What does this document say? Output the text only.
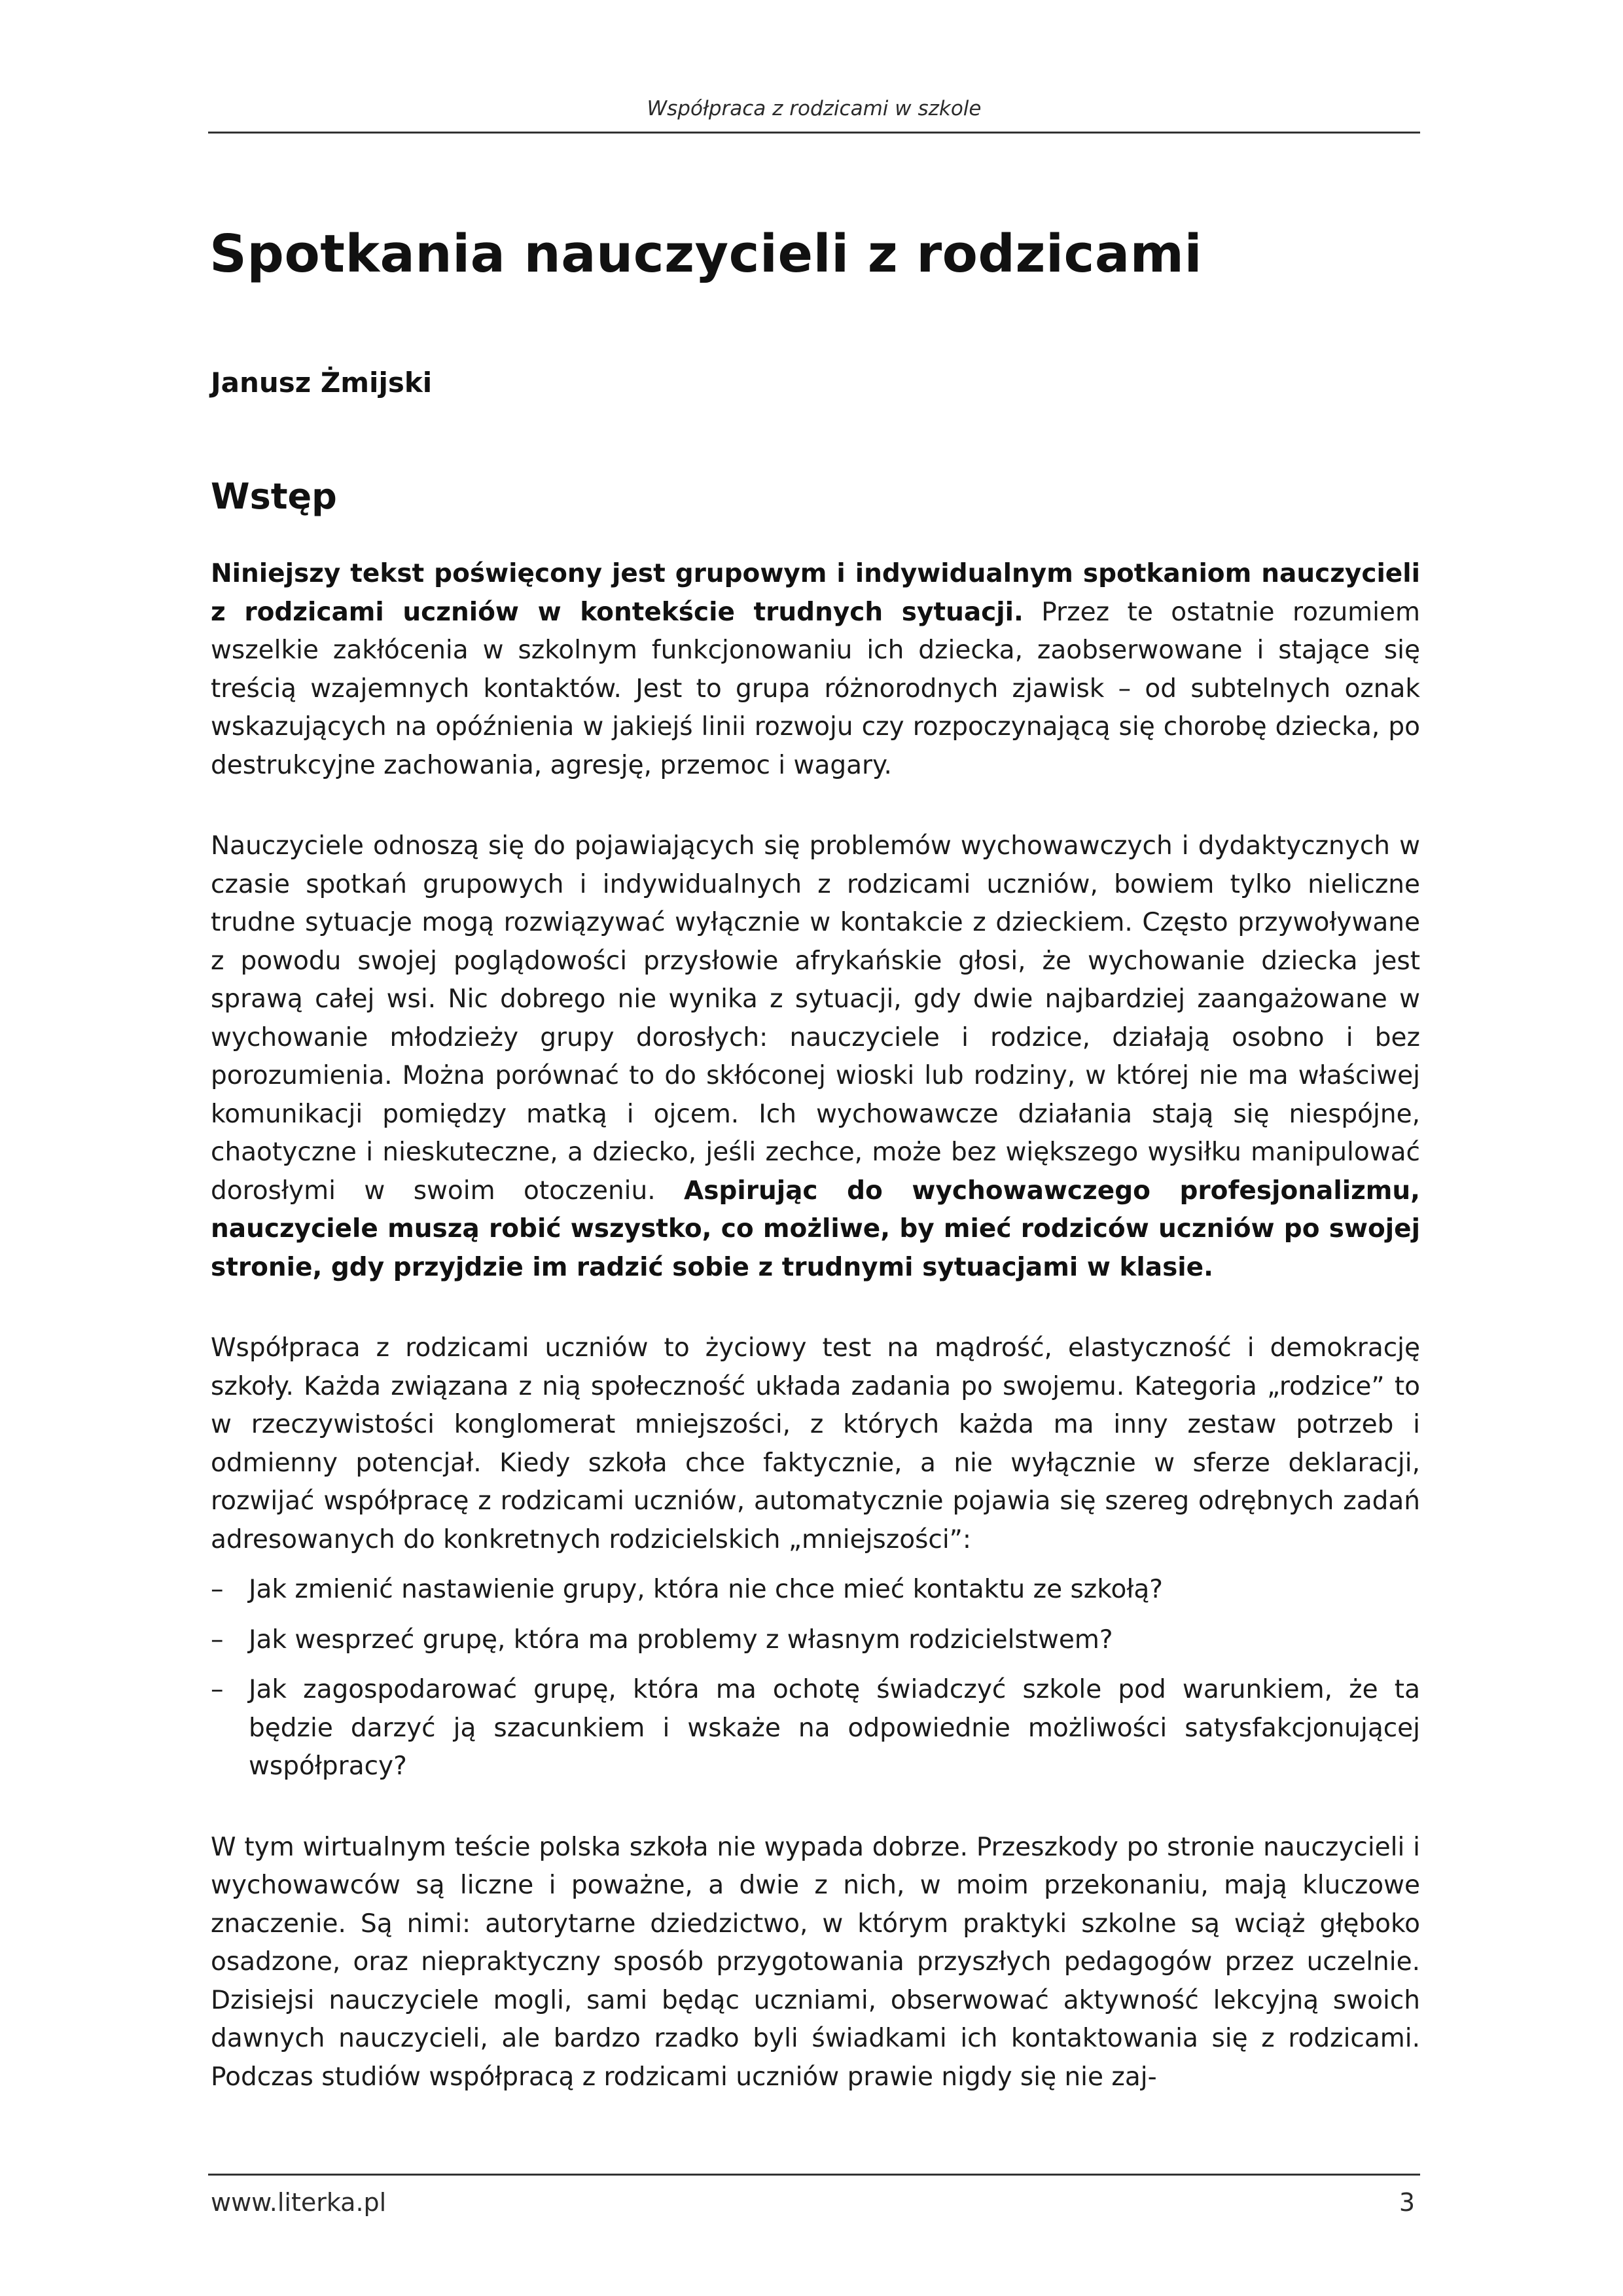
Współpraca z rodzicami w szkole
Spotkania nauczycieli z rodzicami
Janusz Żmijski
Wstęp

Niniejszy tekst poświęcony jest grupowym i indywidualnym spotkaniom nauczycieli z rodzicami uczniów w kontekście trudnych sytuacji. Przez te ostatnie rozumiem wszelkie zakłócenia w szkolnym funkcjonowaniu ich dziecka, zaobserwowane i stające się treścią wzajemnych kontaktów. Jest to grupa różnorodnych zjawisk – od subtelnych oznak wskazujących na opóźnienia w jakiejś linii rozwoju czy rozpoczynającą się chorobę dziecka, po destrukcyjne zachowania, agresję, przemoc i wagary.

Nauczyciele odnoszą się do pojawiających się problemów wychowawczych i dydaktycznych w czasie spotkań grupowych i indywidualnych z rodzicami uczniów, bowiem tylko nieliczne trudne sytuacje mogą rozwiązywać wyłącznie w kontakcie z dzieckiem. Często przywoływane z powodu swojej poglądowości przysłowie afrykańskie głosi, że wychowanie dziecka jest sprawą całej wsi. Nic dobrego nie wynika z sytuacji, gdy dwie najbardziej zaangażowane w wychowanie młodzieży grupy dorosłych: nauczyciele i rodzice, działają osobno i bez porozumienia. Można porównać to do skłóconej wioski lub rodziny, w której nie ma właściwej komunikacji pomiędzy matką i ojcem. Ich wychowawcze działania stają się niespójne, chaotyczne i nieskuteczne, a dziecko, jeśli zechce, może bez większego wysiłku manipulować dorosłymi w swoim otoczeniu. Aspirując do wychowawczego profesjonalizmu, nauczyciele muszą robić wszystko, co możliwe, by mieć rodziców uczniów po swojej stronie, gdy przyjdzie im radzić sobie z trudnymi sytuacjami w klasie.

Współpraca z rodzicami uczniów to życiowy test na mądrość, elastyczność i demokrację szkoły. Każda związana z nią społeczność układa zadania po swojemu. Kategoria „rodzice” to w rzeczywistości konglomerat mniejszości, z których każda ma inny zestaw potrzeb i odmienny potencjał. Kiedy szkoła chce faktycznie, a nie wyłącznie w sferze deklaracji, rozwijać współpracę z rodzicami uczniów, automatycznie pojawia się szereg odrębnych zadań adresowanych do konkretnych rodzicielskich „mniejszości”:

– Jak zmienić nastawienie grupy, która nie chce mieć kontaktu ze szkołą?
– Jak wesprzeć grupę, która ma problemy z własnym rodzicielstwem?
– Jak zagospodarować grupę, która ma ochotę świadczyć szkole pod warunkiem, że ta będzie darzyć ją szacunkiem i wskaże na odpowiednie możliwości satysfakcjonującej współpracy?

W tym wirtualnym teście polska szkoła nie wypada dobrze. Przeszkody po stronie nauczycieli i wychowawców są liczne i poważne, a dwie z nich, w moim przekonaniu, mają kluczowe znaczenie. Są nimi: autorytarne dziedzictwo, w którym praktyki szkolne są wciąż głęboko osadzone, oraz niepraktyczny sposób przygotowania przyszłych pedagogów przez uczelnie. Dzisiejsi nauczyciele mogli, sami będąc uczniami, obserwować aktywność lekcyjną swoich dawnych nauczycieli, ale bardzo rzadko byli świadkami ich kontaktowania się z rodzicami. Podczas studiów współpracą z rodzicami uczniów prawie nigdy się nie zaj-

www.literka.pl	3
